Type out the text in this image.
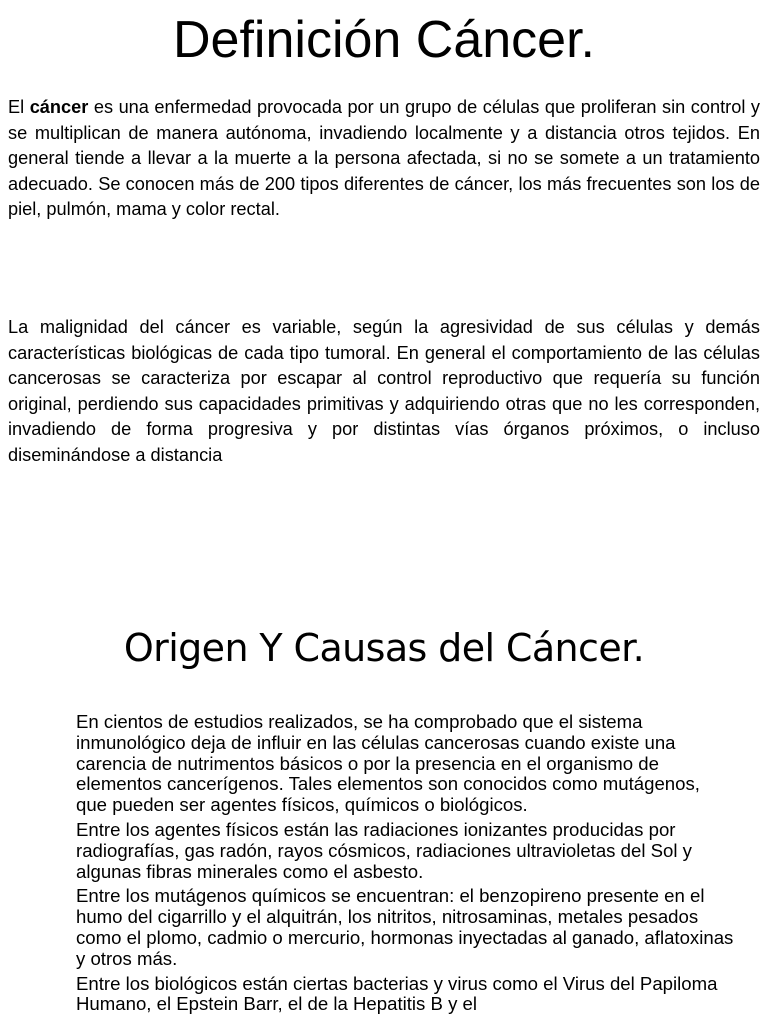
Definición Cáncer.

El cáncer es una enfermedad provocada por un grupo de células que proliferan sin control y se multiplican de manera autónoma, invadiendo localmente y a distancia otros tejidos. En general tiende a llevar a la muerte a la persona afectada, si no se somete a un tratamiento adecuado. Se conocen más de 200 tipos diferentes de cáncer, los más frecuentes son los de piel, pulmón, mama y color rectal.

La malignidad del cáncer es variable, según la agresividad de sus células y demás características biológicas de cada tipo tumoral. En general el comportamiento de las células cancerosas se caracteriza por escapar al control reproductivo que requería su función original, perdiendo sus capacidades primitivas y adquiriendo otras que no les corresponden, invadiendo de forma progresiva y por distintas vías órganos próximos, o incluso diseminándose a distancia

Origen Y Causas del Cáncer.
En cientos de estudios realizados, se ha comprobado que el sistema inmunológico deja de influir en las células cancerosas cuando existe una carencia de nutrimentos básicos o por la presencia en el organismo de elementos cancerígenos. Tales elementos son conocidos como mutágenos, que pueden ser agentes físicos, químicos o biológicos.
Entre los agentes físicos están las radiaciones ionizantes producidas por radiografías, gas radón, rayos cósmicos, radiaciones ultravioletas del Sol y algunas fibras minerales como el asbesto.
Entre los mutágenos químicos se encuentran: el benzopireno presente en el humo del cigarrillo y el alquitrán, los nitritos, nitrosaminas, metales pesados como el plomo, cadmio o mercurio, hormonas inyectadas al ganado, aflatoxinas y otros más.
Entre los biológicos están ciertas bacterias y virus como el Virus del Papiloma Humano, el Epstein Barr, el de la Hepatitis B y el
